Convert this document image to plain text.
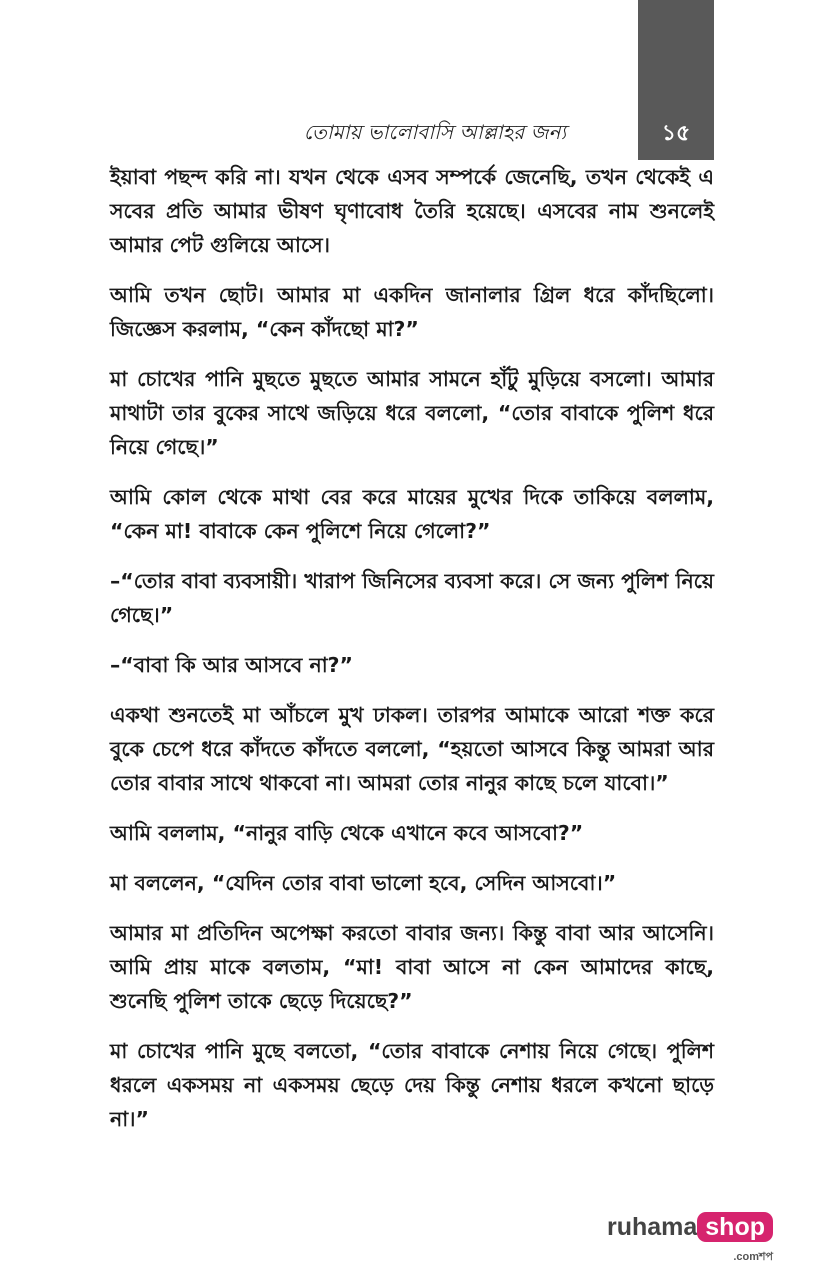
১৫
তোমায় ভালোবাসি আল্লাহর জন্য

ইয়াবা পছন্দ করি না। যখন থেকে এসব সম্পর্কে জেনেছি, তখন থেকেই এ সবের প্রতি আমার ভীষণ ঘৃণাবোধ তৈরি হয়েছে। এসবের নাম শুনলেই আমার পেট গুলিয়ে আসে।

আমি তখন ছোট। আমার মা একদিন জানালার গ্রিল ধরে কাঁদছিলো। জিজ্ঞেস করলাম, “কেন কাঁদছো মা?”

মা চোখের পানি মুছতে মুছতে আমার সামনে হাঁটু মুড়িয়ে বসলো। আমার মাথাটা তার বুকের সাথে জড়িয়ে ধরে বললো, “তোর বাবাকে পুলিশ ধরে নিয়ে গেছে।”

আমি কোল থেকে মাথা বের করে মায়ের মুখের দিকে তাকিয়ে বললাম, “কেন মা! বাবাকে কেন পুলিশে নিয়ে গেলো?”

–“তোর বাবা ব্যবসায়ী। খারাপ জিনিসের ব্যবসা করে। সে জন্য পুলিশ নিয়ে গেছে।”

–“বাবা কি আর আসবে না?”

একথা শুনতেই মা আঁচলে মুখ ঢাকল। তারপর আমাকে আরো শক্ত করে বুকে চেপে ধরে কাঁদতে কাঁদতে বললো, “হয়তো আসবে কিন্তু আমরা আর তোর বাবার সাথে থাকবো না। আমরা তোর নানুর কাছে চলে যাবো।”

আমি বললাম, “নানুর বাড়ি থেকে এখানে কবে আসবো?”

মা বললেন, “যেদিন তোর বাবা ভালো হবে, সেদিন আসবো।”

আমার মা প্রতিদিন অপেক্ষা করতো বাবার জন্য। কিন্তু বাবা আর আসেনি। আমি প্রায় মাকে বলতাম, “মা! বাবা আসে না কেন আমাদের কাছে, শুনেছি পুলিশ তাকে ছেড়ে দিয়েছে?”

মা চোখের পানি মুছে বলতো, “তোর বাবাকে নেশায় নিয়ে গেছে। পুলিশ ধরলে একসময় না একসময় ছেড়ে দেয় কিন্তু নেশায় ধরলে কখনো ছাড়ে না।”

ruhama shop
.comশপ
